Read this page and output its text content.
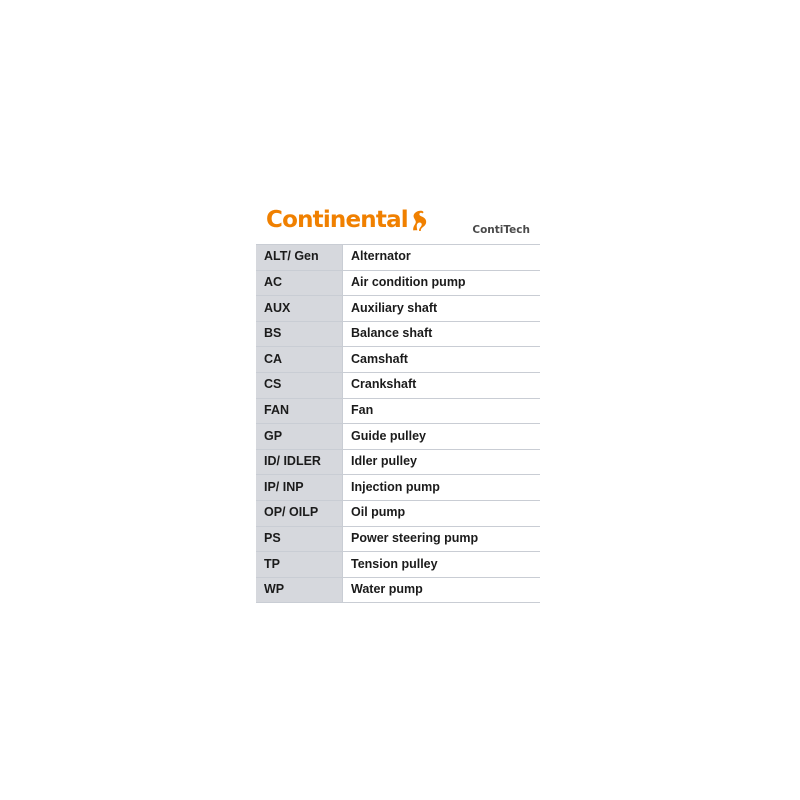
Continental	ContiTech
ALT/ Gen	Alternator
AC	Air condition pump
AUX	Auxiliary shaft
BS	Balance shaft
CA	Camshaft
CS	Crankshaft
FAN	Fan
GP	Guide pulley
ID/ IDLER	Idler pulley
IP/ INP	Injection pump
OP/ OILP	Oil pump
PS	Power steering pump
TP	Tension pulley
WP	Water pump
